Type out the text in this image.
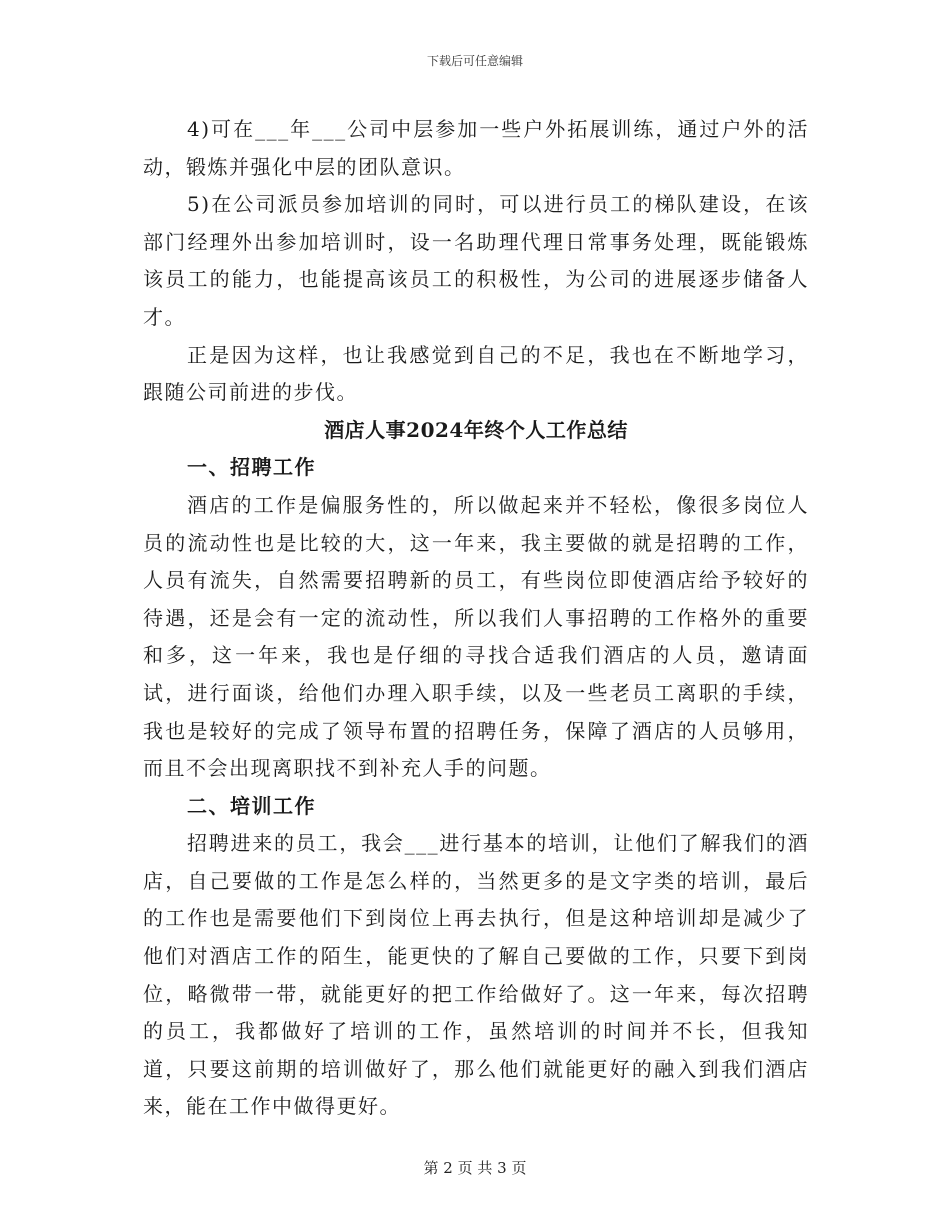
下载后可任意编辑

4)可在___年___公司中层参加一些户外拓展训练，通过户外的活动，锻炼并强化中层的团队意识。

5)在公司派员参加培训的同时，可以进行员工的梯队建设，在该部门经理外出参加培训时，设一名助理代理日常事务处理，既能锻炼该员工的能力，也能提高该员工的积极性，为公司的进展逐步储备人才。

正是因为这样，也让我感觉到自己的不足，我也在不断地学习，跟随公司前进的步伐。

酒店人事2024年终个人工作总结
一、招聘工作

酒店的工作是偏服务性的，所以做起来并不轻松，像很多岗位人员的流动性也是比较的大，这一年来，我主要做的就是招聘的工作，人员有流失，自然需要招聘新的员工，有些岗位即使酒店给予较好的待遇，还是会有一定的流动性，所以我们人事招聘的工作格外的重要和多，这一年来，我也是仔细的寻找合适我们酒店的人员，邀请面试，进行面谈，给他们办理入职手续，以及一些老员工离职的手续，我也是较好的完成了领导布置的招聘任务，保障了酒店的人员够用，而且不会出现离职找不到补充人手的问题。

二、培训工作

招聘进来的员工，我会___进行基本的培训，让他们了解我们的酒店，自己要做的工作是怎么样的，当然更多的是文字类的培训，最后的工作也是需要他们下到岗位上再去执行，但是这种培训却是减少了他们对酒店工作的陌生，能更快的了解自己要做的工作，只要下到岗位，略微带一带，就能更好的把工作给做好了。这一年来，每次招聘的员工，我都做好了培训的工作，虽然培训的时间并不长，但我知道，只要这前期的培训做好了，那么他们就能更好的融入到我们酒店来，能在工作中做得更好。

第 2 页 共 3 页
